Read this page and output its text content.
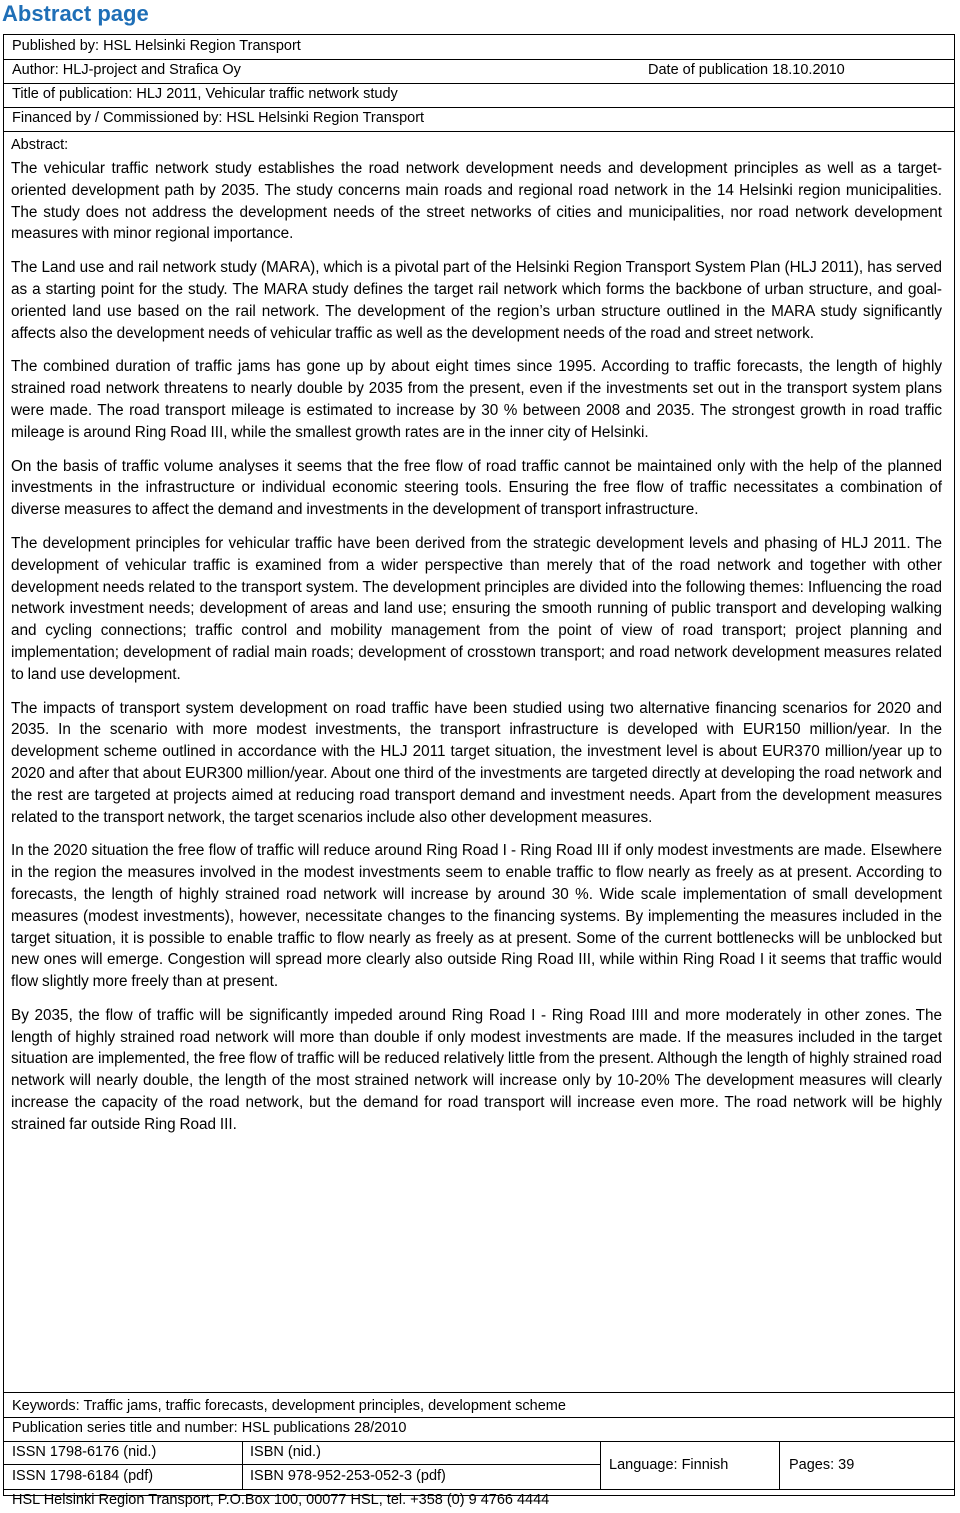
Abstract page
Published by: HSL Helsinki Region Transport
Author: HLJ-project and Strafica Oy	Date of publication 18.10.2010
Title of publication: HLJ 2011, Vehicular traffic network study
Financed by / Commissioned by: HSL Helsinki Region Transport
Abstract:

The vehicular traffic network study establishes the road network development needs and development principles as well as a target-oriented development path by 2035. The study concerns main roads and regional road network in the 14 Helsinki region municipalities. The study does not address the development needs of the street networks of cities and municipalities, nor road network development measures with minor regional importance.

The Land use and rail network study (MARA), which is a pivotal part of the Helsinki Region Transport System Plan (HLJ 2011), has served as a starting point for the study. The MARA study defines the target rail network which forms the backbone of urban structure, and goal-oriented land use based on the rail network. The development of the region’s urban structure outlined in the MARA study significantly affects also the development needs of vehicular traffic as well as the development needs of the road and street network.

The combined duration of traffic jams has gone up by about eight times since 1995. According to traffic forecasts, the length of highly strained road network threatens to nearly double by 2035 from the present, even if the investments set out in the transport system plans were made. The road transport mileage is estimated to increase by 30 % between 2008 and 2035. The strongest growth in road traffic mileage is around Ring Road III, while the smallest growth rates are in the inner city of Helsinki.

On the basis of traffic volume analyses it seems that the free flow of road traffic cannot be maintained only with the help of the planned investments in the infrastructure or individual economic steering tools. Ensuring the free flow of traffic necessitates a combination of diverse measures to affect the demand and investments in the development of transport infrastructure.

The development principles for vehicular traffic have been derived from the strategic development levels and phasing of HLJ 2011. The development of vehicular traffic is examined from a wider perspective than merely that of the road network and together with other development needs related to the transport system. The development principles are divided into the following themes: Influencing the road network investment needs; development of areas and land use; ensuring the smooth running of public transport and developing walking and cycling connections; traffic control and mobility management from the point of view of road transport; project planning and implementation; development of radial main roads; development of crosstown transport; and road network development measures related to land use development.

The impacts of transport system development on road traffic have been studied using two alternative financing scenarios for 2020 and 2035. In the scenario with more modest investments, the transport infrastructure is developed with EUR150 million/year. In the development scheme outlined in accordance with the HLJ 2011 target situation, the investment level is about EUR370 million/year up to 2020 and after that about EUR300 million/year. About one third of the investments are targeted directly at developing the road network and the rest are targeted at projects aimed at reducing road transport demand and investment needs. Apart from the development measures related to the transport network, the target scenarios include also other development measures.

In the 2020 situation the free flow of traffic will reduce around Ring Road I - Ring Road III if only modest investments are made. Elsewhere in the region the measures involved in the modest investments seem to enable traffic to flow nearly as freely as at present. According to forecasts, the length of highly strained road network will increase by around 30 %. Wide scale implementation of small development measures (modest investments), however, necessitate changes to the financing systems. By implementing the measures included in the target situation, it is possible to enable traffic to flow nearly as freely as at present. Some of the current bottlenecks will be unblocked but new ones will emerge. Congestion will spread more clearly also outside Ring Road III, while within Ring Road I it seems that traffic would flow slightly more freely than at present.

By 2035, the flow of traffic will be significantly impeded around Ring Road I - Ring Road IIII and more moderately in other zones. The length of highly strained road network will more than double if only modest investments are made. If the measures included in the target situation are implemented, the free flow of traffic will be reduced relatively little from the present. Although the length of highly strained road network will nearly double, the length of the most strained network will increase only by 10-20% The development measures will clearly increase the capacity of the road network, but the demand for road transport will increase even more. The road network will be highly strained far outside Ring Road III.

Keywords: Traffic jams, traffic forecasts, development principles, development scheme
Publication series title and number: HSL publications 28/2010
ISSN 1798-6176 (nid.)	ISBN (nid.)
ISSN 1798-6184 (pdf)	ISBN 978-952-253-052-3 (pdf)
HSL Helsinki Region Transport, P.O.Box 100, 00077 HSL, tel. +358 (0) 9 4766 4444
Language: Finnish	Pages: 39
